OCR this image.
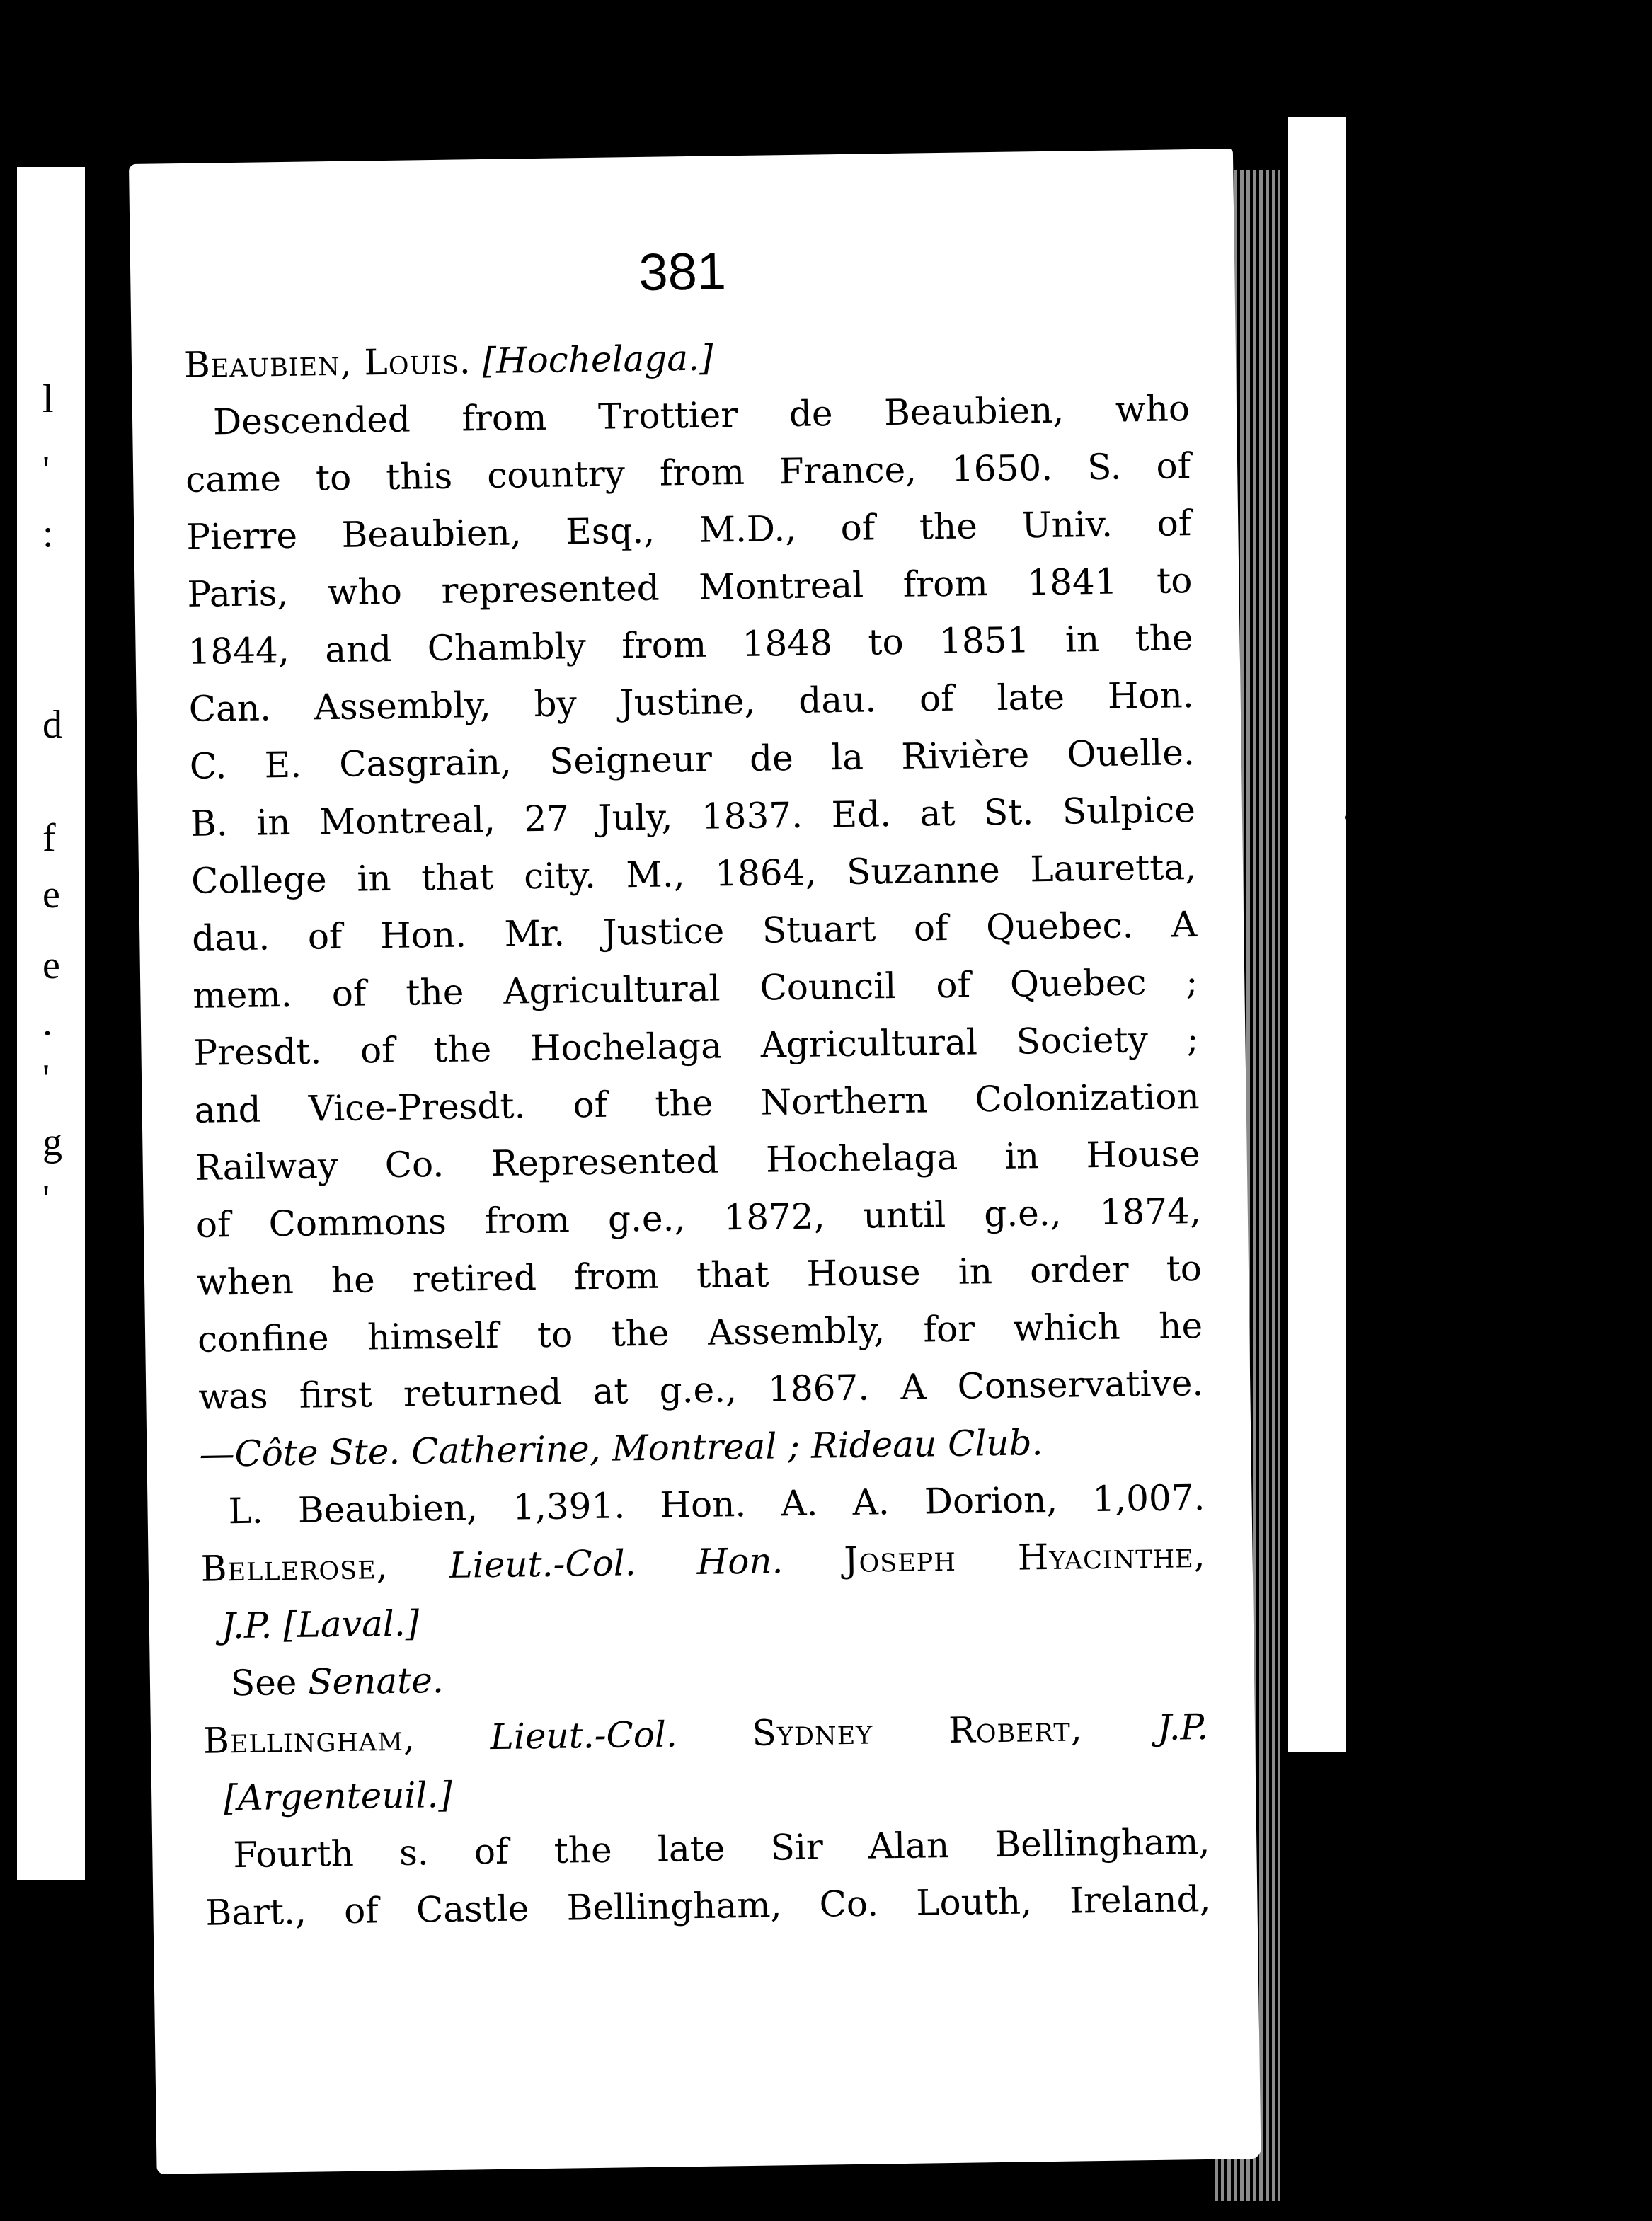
l
'
:
d
f
e
e
.
'
g
'
381
Beaubien, Louis. [Hochelaga.]
Descended from Trottier de Beaubien, who
came to this country from France, 1650. S. of
Pierre Beaubien, Esq., M.D., of the Univ. of
Paris, who represented Montreal from 1841 to
1844, and Chambly from 1848 to 1851 in the
Can. Assembly, by Justine, dau. of late Hon.
C. E. Casgrain, Seigneur de la Rivière Ouelle.
B. in Montreal, 27 July, 1837. Ed. at St. Sulpice
College in that city. M., 1864, Suzanne Lauretta,
dau. of Hon. Mr. Justice Stuart of Quebec. A
mem. of the Agricultural Council of Quebec ;
Presdt. of the Hochelaga Agricultural Society ;
and Vice-Presdt. of the Northern Colonization
Railway Co. Represented Hochelaga in House
of Commons from g.e., 1872, until g.e., 1874,
when he retired from that House in order to
confine himself to the Assembly, for which he
was first returned at g.e., 1867. A Conservative.
—Côte Ste. Catherine, Montreal ; Rideau Club.
L. Beaubien, 1,391. Hon. A. A. Dorion, 1,007.
Bellerose, Lieut.-Col. Hon. Joseph Hyacinthe,
J.P. [Laval.]
See Senate.
Bellingham, Lieut.-Col. Sydney Robert, J.P.
[Argenteuil.]
Fourth s. of the late Sir Alan Bellingham,
Bart., of Castle Bellingham, Co. Louth, Ireland,
